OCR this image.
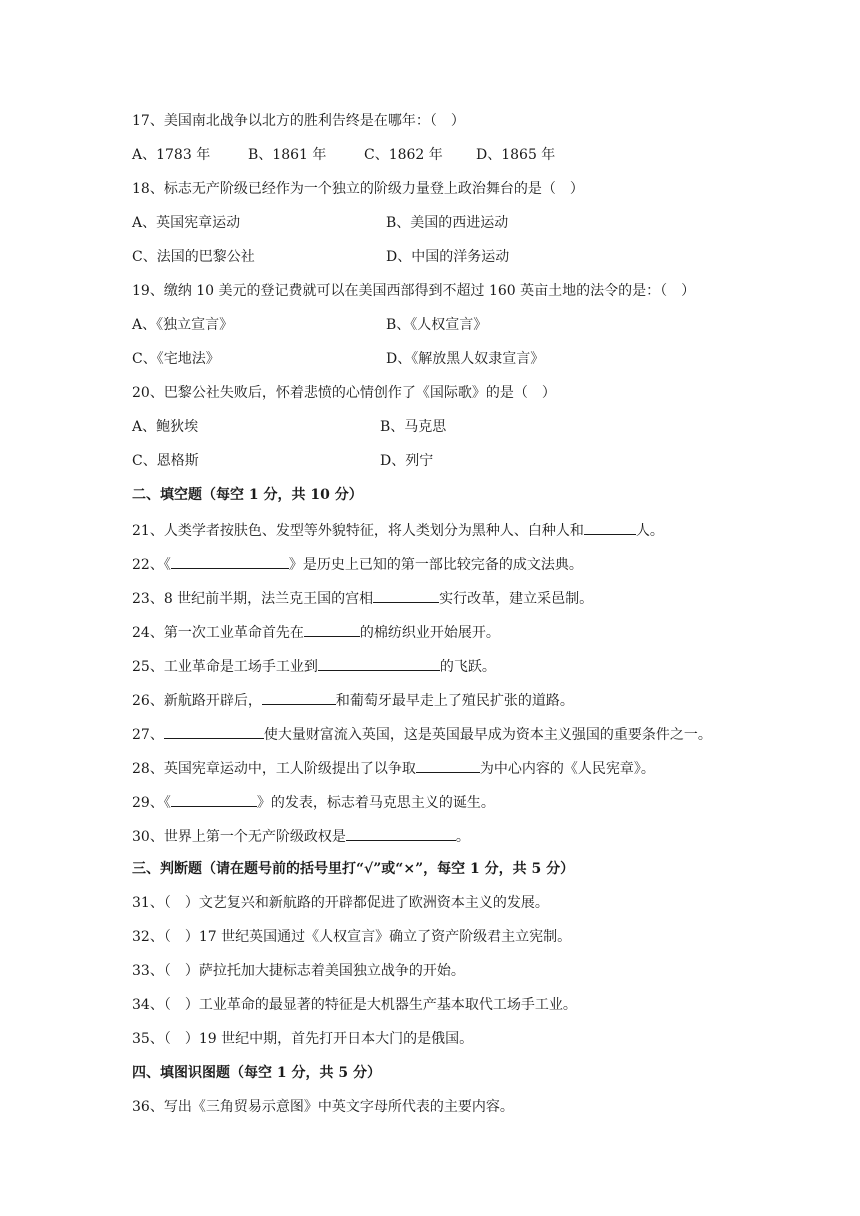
17、美国南北战争以北方的胜利告终是在哪年：（　）
A、1783 年	B、1861 年	C、1862 年 D、1865 年
18、标志无产阶级已经作为一个独立的阶级力量登上政治舞台的是（　）
A、英国宪章运动	B、美国的西进运动
C、法国的巴黎公社	D、中国的洋务运动
19、缴纳 10 美元的登记费就可以在美国西部得到不超过 160 英亩土地的法令的是：（　）
A、《独立宣言》	B、《人权宣言》
C、《宅地法》	D、《解放黑人奴隶宣言》
20、巴黎公社失败后，怀着悲愤的心情创作了《国际歌》的是（　）
A、鲍狄埃	B、马克思
C、恩格斯	D、列宁
二、填空题（每空 1 分，共 10 分）
21、人类学者按肤色、发型等外貌特征，将人类划分为黑种人、白种人和	人。
22、《	》是历史上已知的第一部比较完备的成文法典。
23、8 世纪前半期，法兰克王国的宫相	实行改革，建立采邑制。
24、第一次工业革命首先在	的棉纺织业开始展开。
25、工业革命是工场手工业到	的飞跃。
26、新航路开辟后，	和葡萄牙最早走上了殖民扩张的道路。
27、	使大量财富流入英国，这是英国最早成为资本主义强国的重要条件之一。
28、英国宪章运动中，工人阶级提出了以争取	为中心内容的《人民宪章》。
29、《	》的发表，标志着马克思主义的诞生。
30、世界上第一个无产阶级政权是	。
三、判断题（请在题号前的括号里打“√”或“×”，每空 1 分，共 5 分）
31、（　）文艺复兴和新航路的开辟都促进了欧洲资本主义的发展。
32、（　）17 世纪英国通过《人权宣言》确立了资产阶级君主立宪制。
33、（　）萨拉托加大捷标志着美国独立战争的开始。
34、（　）工业革命的最显著的特征是大机器生产基本取代工场手工业。
35、（　）19 世纪中期，首先打开日本大门的是俄国。
四、填图识图题（每空 1 分，共 5 分）
36、写出《三角贸易示意图》中英文字母所代表的主要内容。
